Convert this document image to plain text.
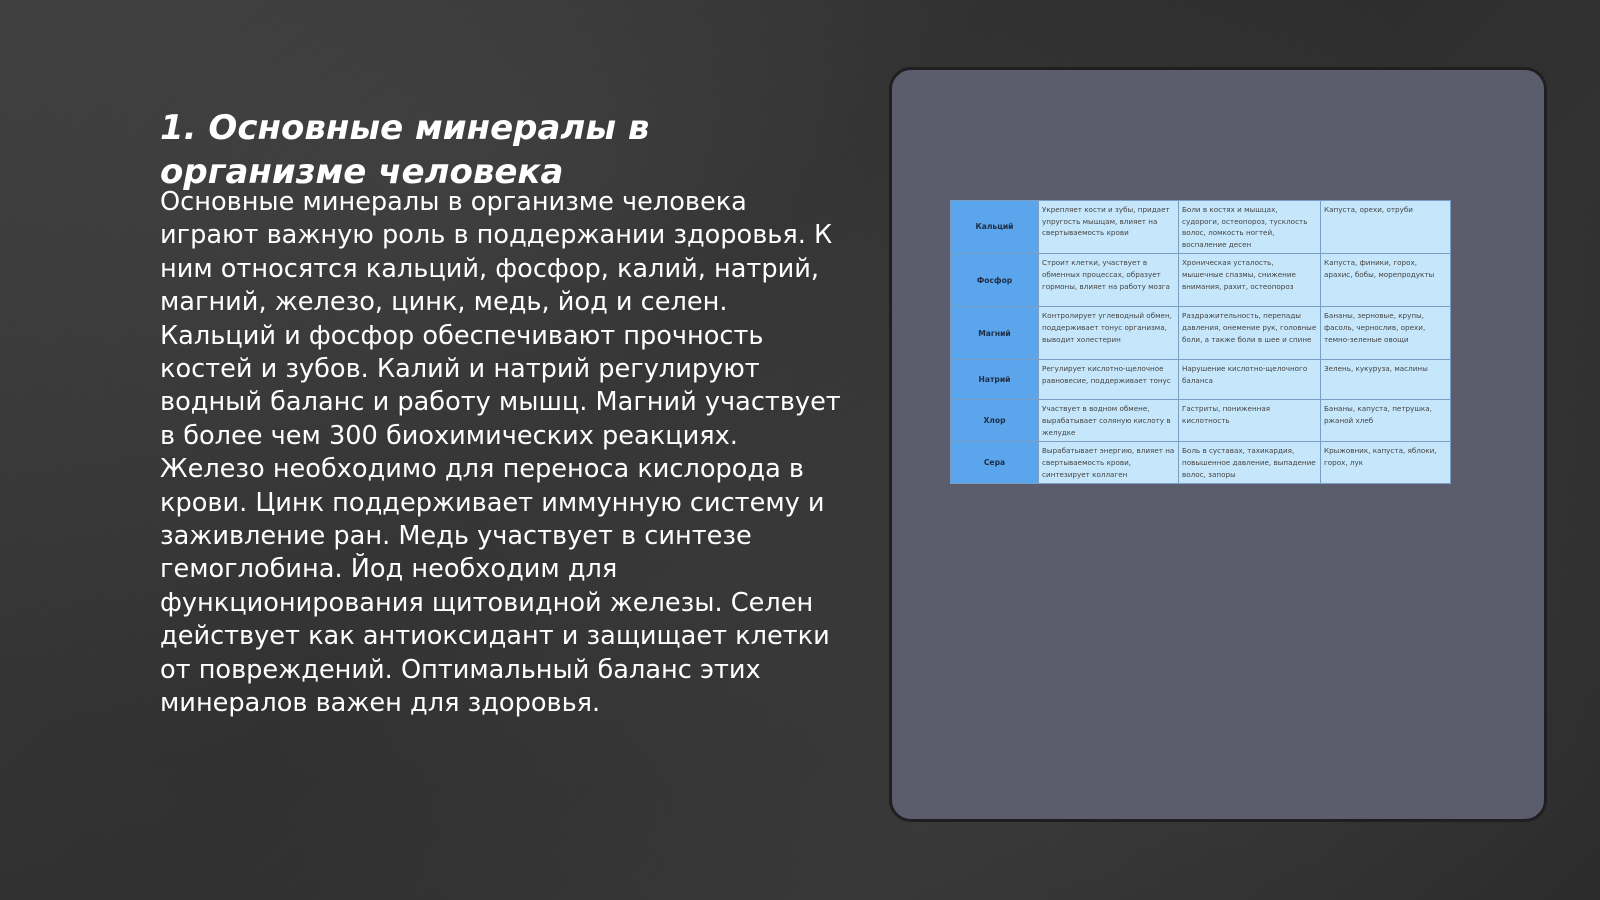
1. Основные минералы в организме человека

Основные минералы в организме человека играют важную роль в поддержании здоровья. К ним относятся кальций, фосфор, калий, натрий, магний, железо, цинк, медь, йод и селен. Кальций и фосфор обеспечивают прочность костей и зубов. Калий и натрий регулируют водный баланс и работу мышц. Магний участвует в более чем 300 биохимических реакциях. Железо необходимо для переноса кислорода в крови. Цинк поддерживает иммунную систему и заживление ран. Медь участвует в синтезе гемоглобина. Йод необходим для функционирования щитовидной железы. Селен действует как антиоксидант и защищает клетки от повреждений. Оптимальный баланс этих минералов важен для здоровья.

Кальций	Укрепляет кости и зубы, придает упругость мышцам, влияет на свертываемость крови	Боли в костях и мышцах, судороги, остеопороз, тусклость волос, ломкость ногтей, воспаление десен	Капуста, орехи, отруби
Фосфор	Строит клетки, участвует в обменных процессах, образует гормоны, влияет на работу мозга	Хроническая усталость, мышечные спазмы, снижение внимания, рахит, остеопороз	Капуста, финики, горох, арахис, бобы, морепродукты
Магний	Контролирует углеводный обмен, поддерживает тонус организма, выводит холестерин	Раздражительность, перепады давления, онемение рук, головные боли, а также боли в шее и спине	Бананы, зерновые, крупы, фасоль, чернослив, орехи, темно-зеленые овощи
Натрий	Регулирует кислотно-щелочное равновесие, поддерживает тонус	Нарушение кислотно-щелочного баланса	Зелень, кукуруза, маслины
Хлор	Участвует в водном обмене, вырабатывает соляную кислоту в желудке	Гастриты, пониженная кислотность	Бананы, капуста, петрушка, ржаной хлеб
Сера	Вырабатывает энергию, влияет на свертываемость крови, синтезирует коллаген	Боль в суставах, тахикардия, повышенное давление, выпадение волос, запоры	Крыжовник, капуста, яблоки, горох, лук
